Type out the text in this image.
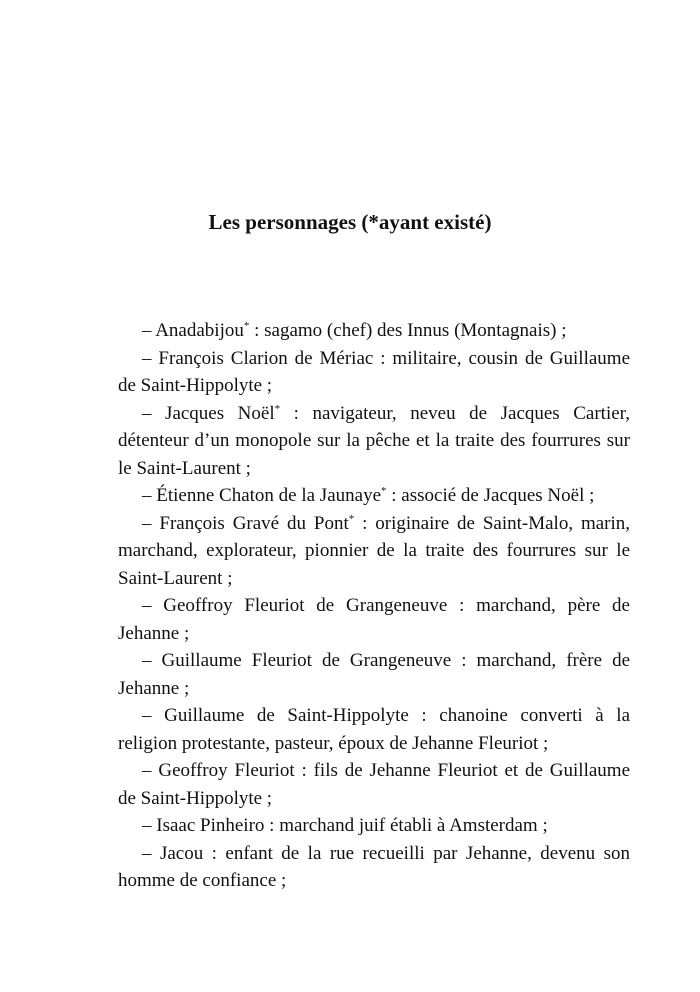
Les personnages (*ayant existé)

– Anadabijou* : sagamo (chef) des Innus (Montagnais) ;

– François Clarion de Mériac : militaire, cousin de Guillaume de Saint-Hippolyte ;

– Jacques Noël* : navigateur, neveu de Jacques Cartier, détenteur d’un monopole sur la pêche et la traite des fourrures sur le Saint-Laurent ;

– Étienne Chaton de la Jaunaye* : associé de Jacques Noël ;

– François Gravé du Pont* : originaire de Saint-Malo, marin, marchand, explorateur, pionnier de la traite des fourrures sur le Saint-Laurent ;

– Geoffroy Fleuriot de Grangeneuve : marchand, père de Jehanne ;

– Guillaume Fleuriot de Grangeneuve : marchand, frère de Jehanne ;

– Guillaume de Saint-Hippolyte : chanoine converti à la religion protestante, pasteur, époux de Jehanne Fleuriot ;

– Geoffroy Fleuriot : fils de Jehanne Fleuriot et de Guillaume de Saint-Hippolyte ;

– Isaac Pinheiro : marchand juif établi à Amsterdam ;

– Jacou : enfant de la rue recueilli par Jehanne, devenu son homme de confiance ;
